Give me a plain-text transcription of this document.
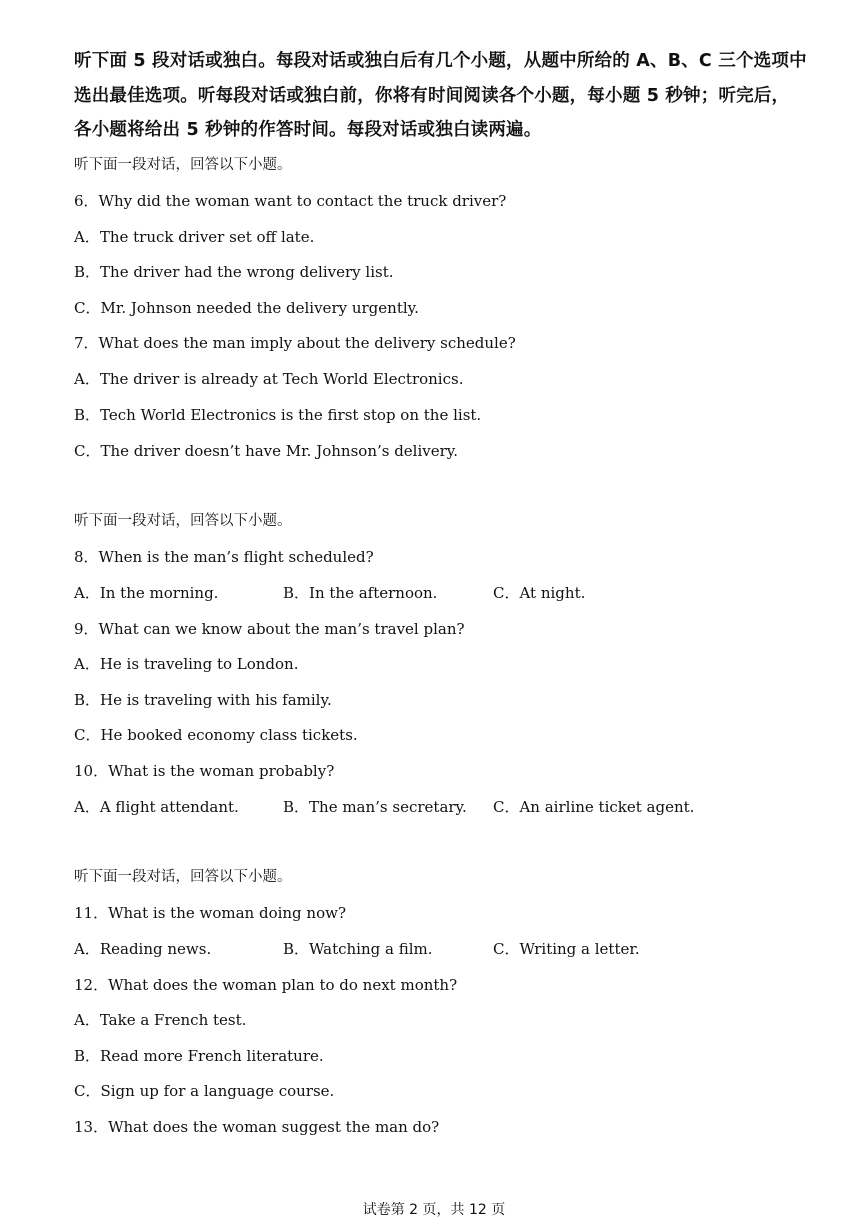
听下面 5 段对话或独白。每段对话或独白后有几个小题，从题中所给的 A、B、C 三个选项中
选出最佳选项。听每段对话或独白前，你将有时间阅读各个小题，每小题 5 秒钟；听完后，
各小题将给出 5 秒钟的作答时间。每段对话或独白读两遍。
听下面一段对话，回答以下小题。
6．Why did the woman want to contact the truck driver?
A．The truck driver set off late.
B．The driver had the wrong delivery list.
C．Mr. Johnson needed the delivery urgently.
7．What does the man imply about the delivery schedule?
A．The driver is already at Tech World Electronics.
B．Tech World Electronics is the first stop on the list.
C．The driver doesn’t have Mr. Johnson’s delivery.
听下面一段对话，回答以下小题。
8．When is the man’s flight scheduled?
A．In the morning.	B．In the afternoon.	C．At night.
9．What can we know about the man’s travel plan?
A．He is traveling to London.
B．He is traveling with his family.
C．He booked economy class tickets.
10．What is the woman probably?
A．A flight attendant.	B．The man’s secretary. C．An airline ticket agent.
听下面一段对话，回答以下小题。
11．What is the woman doing now?
A．Reading news.	B．Watching a film.	C．Writing a letter.
12．What does the woman plan to do next month?
A．Take a French test.
B．Read more French literature.
C．Sign up for a language course.
13．What does the woman suggest the man do?
试卷第 2 页，共 12 页
